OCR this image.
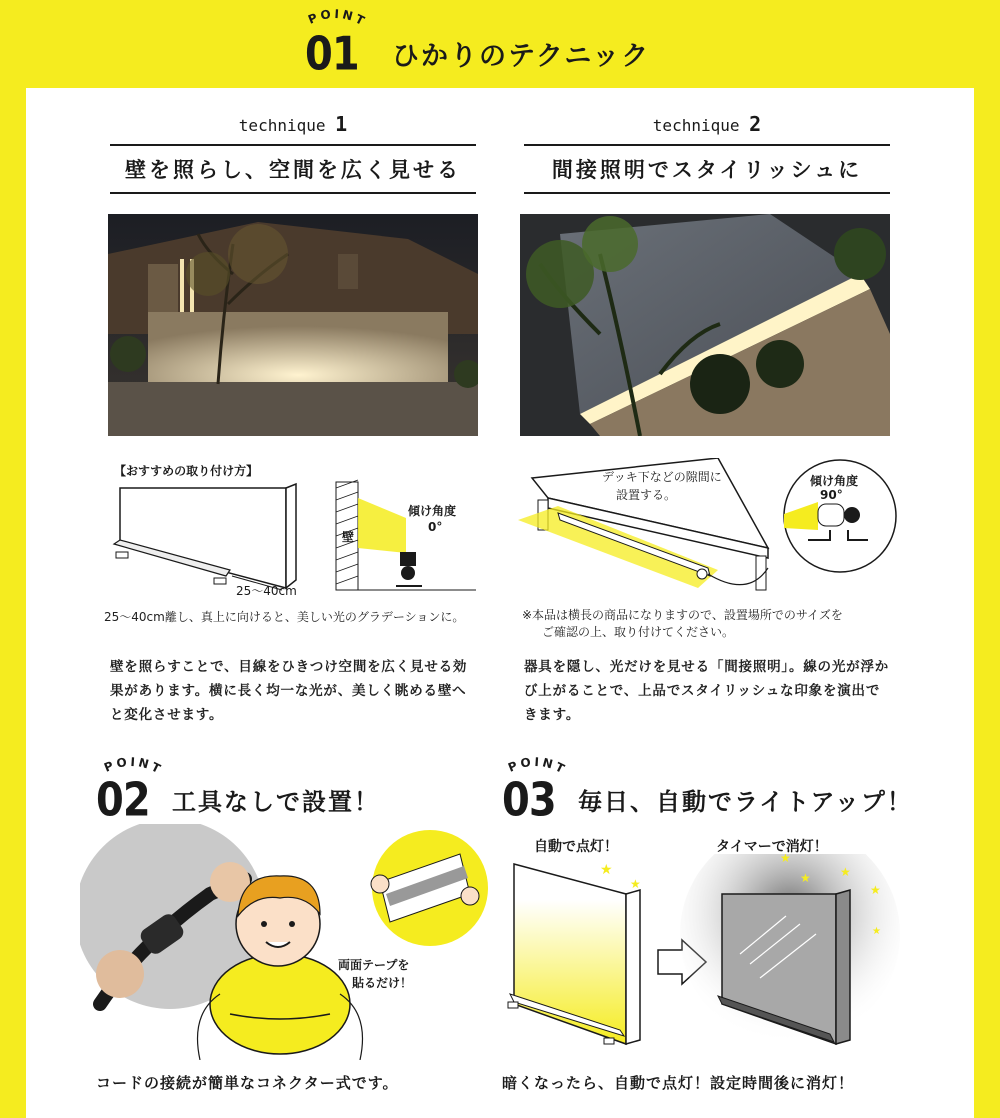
POINT
01 ひかりのテクニック
technique 1
壁を照らし、空間を広く見せる
【おすすめの取り付け方】
壁
傾け角度
0°
25〜40cm
25〜40cm離し、真上に向けると、美しい光のグラデーションに。
壁を照らすことで、目線をひきつけ空間を広く見せる効果があります。横に長く均一な光が、美しく眺める壁へと変化させます。
technique 2
間接照明でスタイリッシュに
デッキ下などの隙間に
設置する。
傾け角度
90°
※本品は横長の商品になりますので、設置場所でのサイズを
ご確認の上、取り付けてください。
器具を隠し、光だけを見せる「間接照明」。線の光が浮かび上がることで、上品でスタイリッシュな印象を演出できます。
POINT
02 工具なしで設置！
両面テープを
貼るだけ！
コードの接続が簡単なコネクター式です。
POINT
03 毎日、自動でライトアップ！
自動で点灯！	タイマーで消灯！
★
★
★
★ ★
★
★
暗くなったら、自動で点灯！設定時間後に消灯！
